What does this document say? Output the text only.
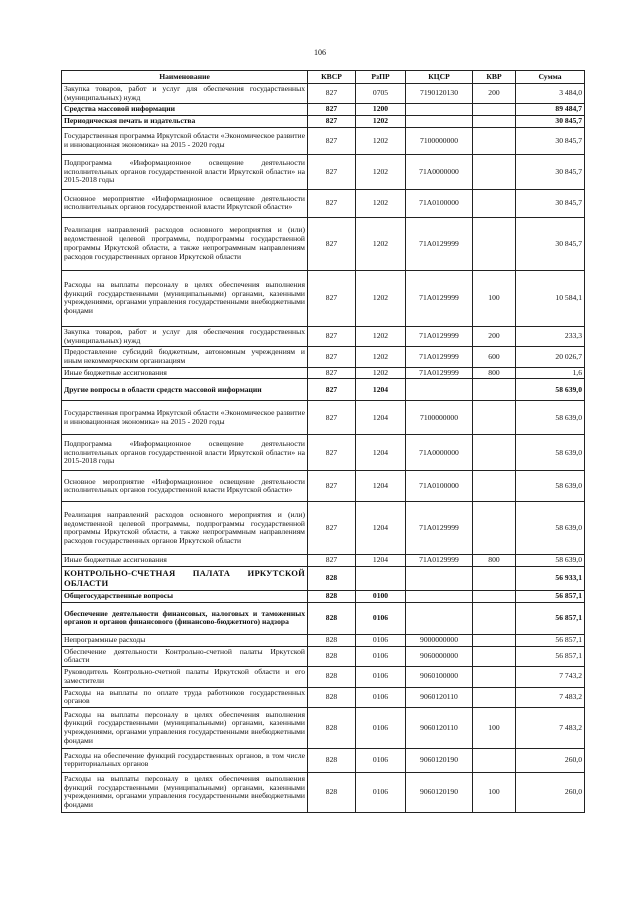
106
Наименование	КВСР	РзПР	КЦСР	КВР	Сумма
Закупка товаров, работ и услуг для обеспечения государственных (муниципальных) нужд	827	0705	7190120130	200	3 484,0
Средства массовой информации	827	1200			89 484,7
Периодическая печать и издательства	827	1202			30 845,7
Государственная программа Иркутской области «Экономическое развитие и инновационная экономика» на 2015 - 2020 годы	827	1202	7100000000		30 845,7
Подпрограмма «Информационное освещение деятельности исполнительных органов государственной власти Иркутской области» на 2015-2018 годы	827	1202	71А0000000		30 845,7
Основное мероприятие «Информационное освещение деятельности исполнительных органов государственной власти Иркутской области»	827	1202	71А0100000		30 845,7
Реализация направлений расходов основного мероприятия и (или) ведомственной целевой программы, подпрограммы государственной программы Иркутской области, а также непрограммным направлениям расходов государственных органов Иркутской области	827	1202	71А0129999		30 845,7
Расходы на выплаты персоналу в целях обеспечения выполнения функций государственными (муниципальными) органами, казенными учреждениями, органами управления государственными внебюджетными фондами	827	1202	71А0129999	100	10 584,1
Закупка товаров, работ и услуг для обеспечения государственных (муниципальных) нужд	827	1202	71А0129999	200	233,3
Предоставление субсидий бюджетным, автономным учреждениям и иным некоммерческим организациям	827	1202	71А0129999	600	20 026,7
Иные бюджетные ассигнования	827	1202	71А0129999	800	1,6
Другие вопросы в области средств массовой информации	827	1204			58 639,0
Государственная программа Иркутской области «Экономическое развитие и инновационная экономика» на 2015 - 2020 годы	827	1204	7100000000		58 639,0
Подпрограмма «Информационное освещение деятельности исполнительных органов государственной власти Иркутской области» на 2015-2018 годы	827	1204	71А0000000		58 639,0
Основное мероприятие «Информационное освещение деятельности исполнительных органов государственной власти Иркутской области»	827	1204	71А0100000		58 639,0
Реализация направлений расходов основного мероприятия и (или) ведомственной целевой программы, подпрограммы государственной программы Иркутской области, а также непрограммным направлениям расходов государственных органов Иркутской области	827	1204	71А0129999		58 639,0
Иные бюджетные ассигнования	827	1204	71А0129999	800	58 639,0
КОНТРОЛЬНО-СЧЕТНАЯ ПАЛАТА ИРКУТСКОЙ ОБЛАСТИ	828				56 933,1
Общегосударственные вопросы	828	0100			56 857,1
Обеспечение деятельности финансовых, налоговых и таможенных органов и органов финансового (финансово-бюджетного) надзора	828	0106			56 857,1
Непрограммные расходы	828	0106	9000000000		56 857,1
Обеспечение деятельности Контрольно-счетной палаты Иркутской области	828	0106	9060000000		56 857,1
Руководитель Контрольно-счетной палаты Иркутской области и его заместители	828	0106	9060100000		7 743,2
Расходы на выплаты по оплате труда работников государственных органов	828	0106	9060120110		7 483,2
Расходы на выплаты персоналу в целях обеспечения выполнения функций государственными (муниципальными) органами, казенными учреждениями, органами управления государственными внебюджетными фондами	828	0106	9060120110	100	7 483,2
Расходы на обеспечение функций государственных органов, в том числе территориальных органов	828	0106	9060120190		260,0
Расходы на выплаты персоналу в целях обеспечения выполнения функций государственными (муниципальными) органами, казенными учреждениями, органами управления государственными внебюджетными фондами	828	0106	9060120190	100	260,0
